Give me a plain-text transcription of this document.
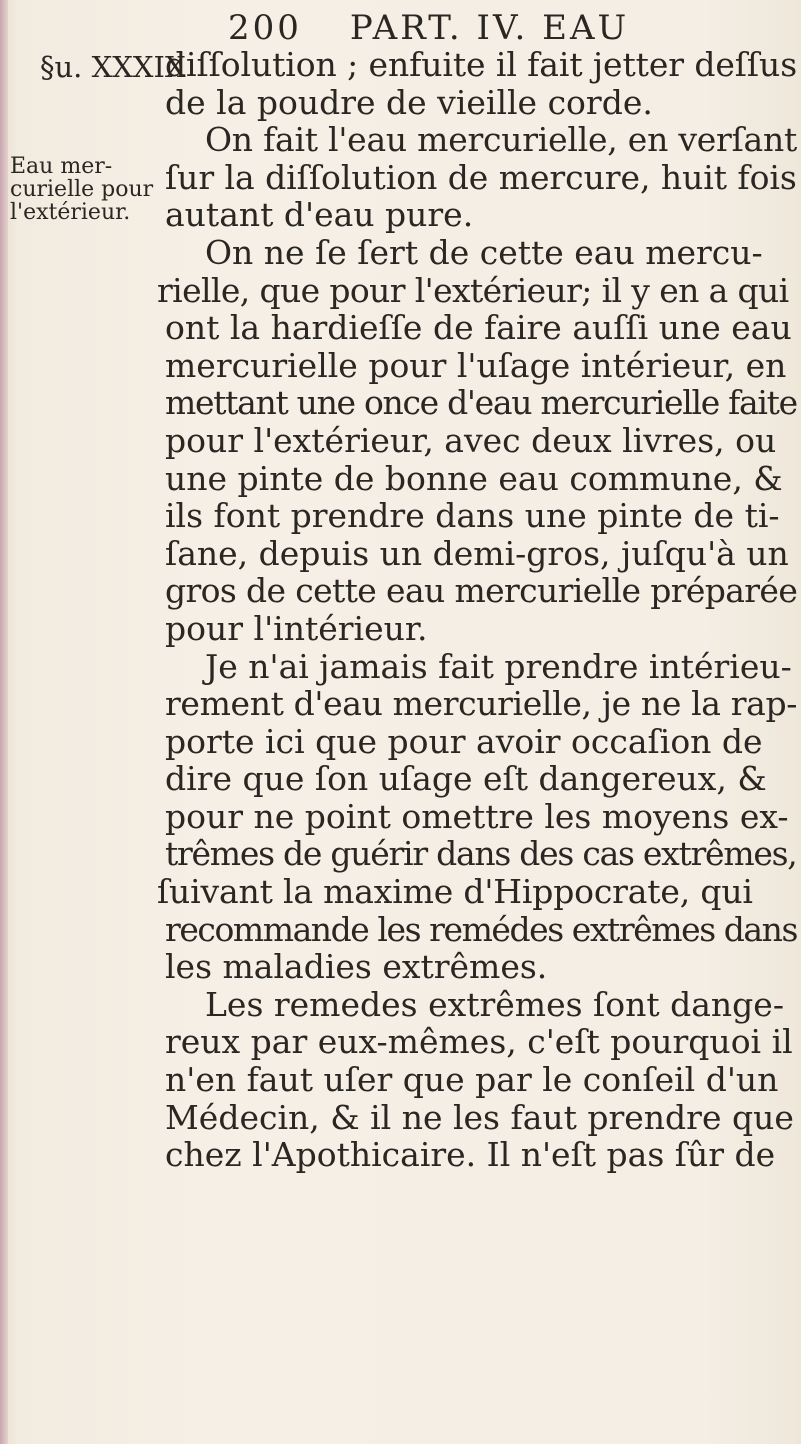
200 PART. IV. EAU
§u. XXXIX
Eau mer-
curielle pour
l'extérieur.
diſſolution ; enfuite il fait jetter deſſus
de la poudre de vieille corde.
On fait l'eau mercurielle, en verſant
ſur la diſſolution de mercure, huit fois
autant d'eau pure.
On ne ſe ſert de cette eau mercu-
rielle, que pour l'extérieur; il y en a qui
ont la hardieſſe de faire auſſi une eau
mercurielle pour l'uſage intérieur, en
mettant une once d'eau mercurielle faite
pour l'extérieur, avec deux livres, ou
une pinte de bonne eau commune, &
ils font prendre dans une pinte de ti-
ſane, depuis un demi-gros, juſqu'à un
gros de cette eau mercurielle préparée
pour l'intérieur.
Je n'ai jamais fait prendre intérieu-
rement d'eau mercurielle, je ne la rap-
porte ici que pour avoir occaſion de
dire que ſon uſage eſt dangereux, &
pour ne point omettre les moyens ex-
trêmes de guérir dans des cas extrêmes,
ſuivant la maxime d'Hippocrate, qui
recommande les remédes extrêmes dans
les maladies extrêmes.
Les remedes extrêmes ſont dange-
reux par eux-mêmes, c'eſt pourquoi il
n'en faut uſer que par le conſeil d'un
Médecin, & il ne les faut prendre que
chez l'Apothicaire. Il n'eſt pas ſûr de
